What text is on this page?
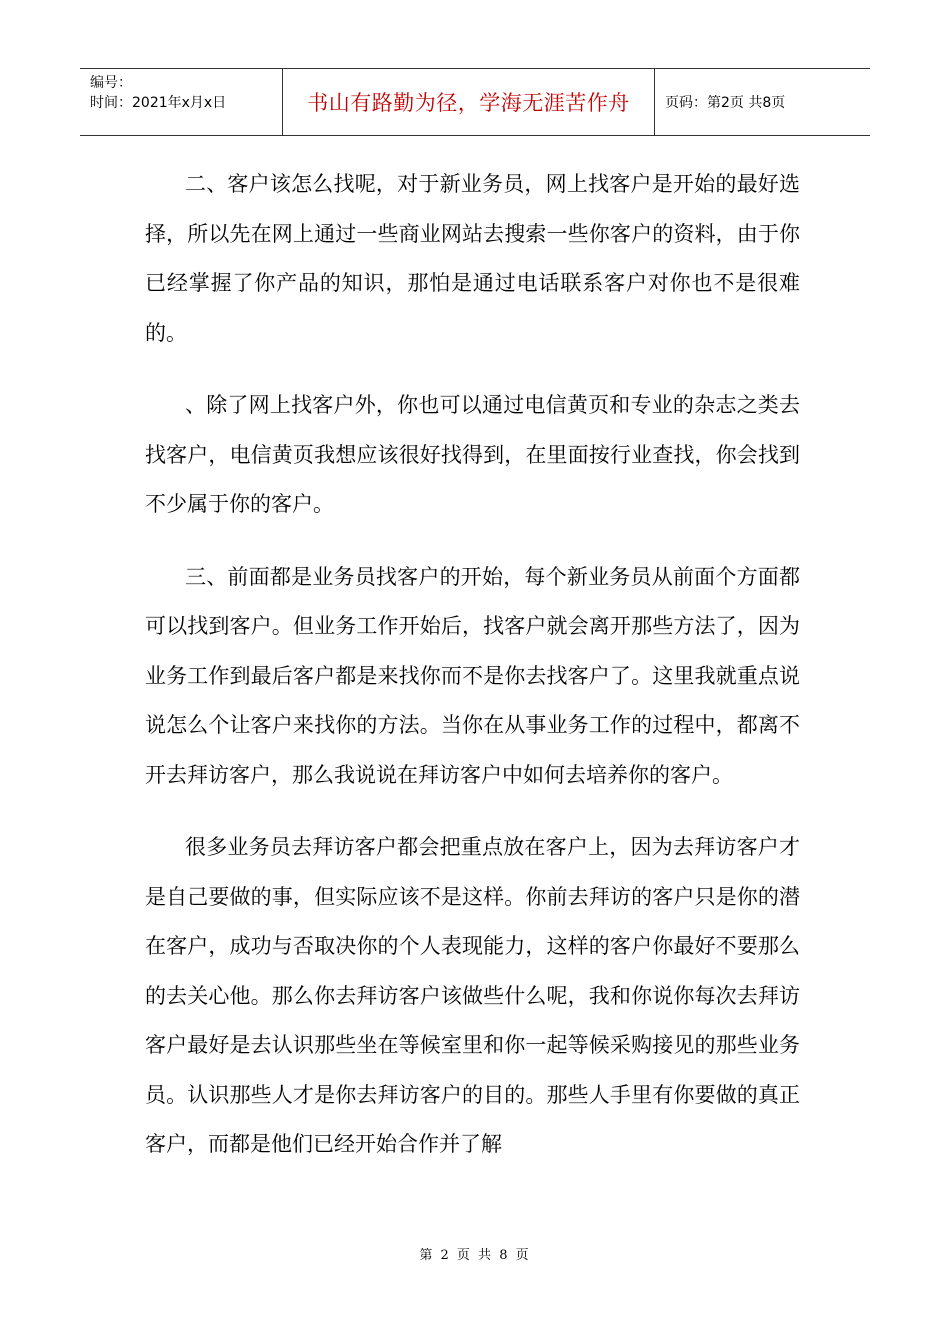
编号：
时间：2021年x月x日	书山有路勤为径，学海无涯苦作舟	页码：第2页 共8页

二、客户该怎么找呢，对于新业务员，网上找客户是开始的最好选择，所以先在网上通过一些商业网站去搜索一些你客户的资料，由于你已经掌握了你产品的知识，那怕是通过电话联系客户对你也不是很难的。

、除了网上找客户外，你也可以通过电信黄页和专业的杂志之类去找客户，电信黄页我想应该很好找得到，在里面按行业查找，你会找到不少属于你的客户。

三、前面都是业务员找客户的开始，每个新业务员从前面个方面都可以找到客户。但业务工作开始后，找客户就会离开那些方法了，因为业务工作到最后客户都是来找你而不是你去找客户了。这里我就重点说说怎么个让客户来找你的方法。当你在从事业务工作的过程中，都离不开去拜访客户，那么我说说在拜访客户中如何去培养你的客户。

很多业务员去拜访客户都会把重点放在客户上，因为去拜访客户才是自己要做的事，但实际应该不是这样。你前去拜访的客户只是你的潜在客户，成功与否取决你的个人表现能力，这样的客户你最好不要那么的去关心他。那么你去拜访客户该做些什么呢，我和你说你每次去拜访客户最好是去认识那些坐在等候室里和你一起等候采购接见的那些业务员。认识那些人才是你去拜访客户的目的。那些人手里有你要做的真正客户，而都是他们已经开始合作并了解

第 2 页 共 8 页
